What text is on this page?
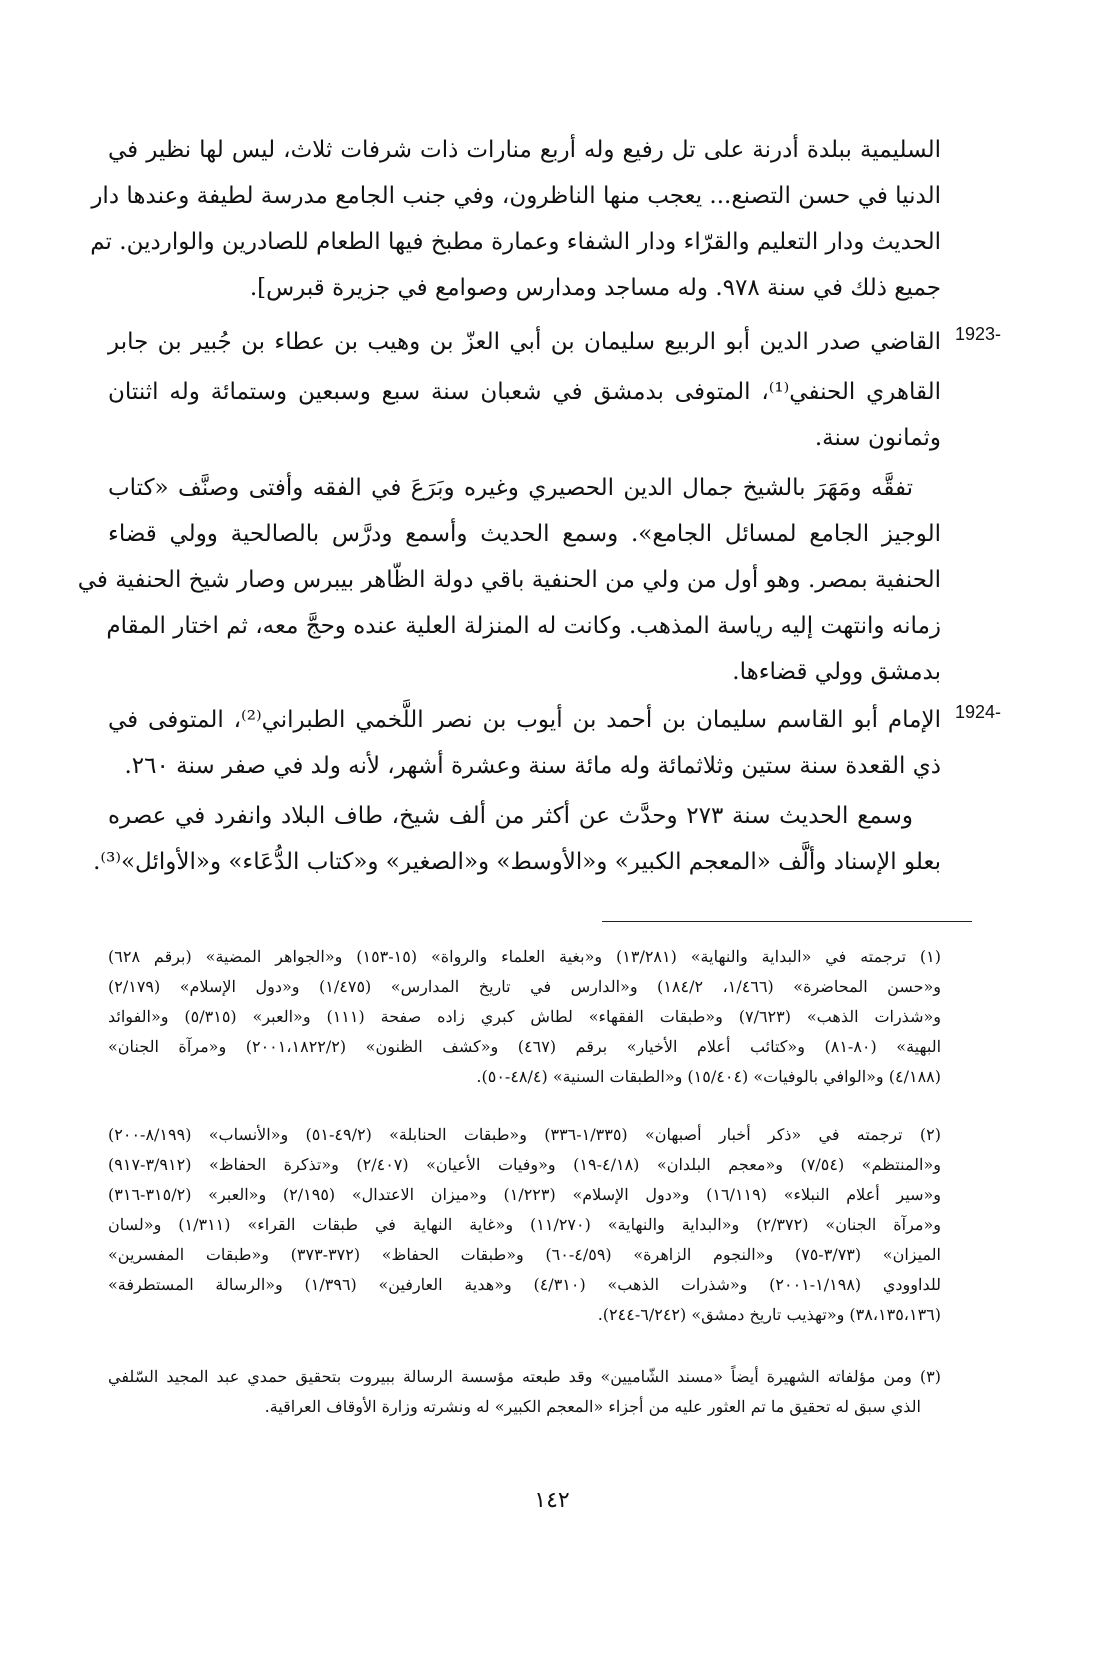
السليمية ببلدة أدرنة على تل رفيع وله أربع منارات ذات شرفات ثلاث، ليس لها نظير في
الدنيا في حسن التصنع... يعجب منها الناظرون، وفي جنب الجامع مدرسة لطيفة وعندها دار
الحديث ودار التعليم والقرّاء ودار الشفاء وعمارة مطبخ فيها الطعام للصادرين والواردين. تم
جميع ذلك في سنة ٩٧٨. وله مساجد ومدارس وصوامع في جزيرة قبرس].
1923-
القاضي صدر الدين أبو الربيع سليمان بن أبي العزّ بن وهيب بن عطاء بن جُبير بن جابر
القاهري الحنفي⁽¹⁾، المتوفى بدمشق في شعبان سنة سبع وسبعين وستمائة وله اثنتان
وثمانون سنة.
تفقَّه ومَهَرَ بالشيخ جمال الدين الحصيري وغيره وبَرَعَ في الفقه وأفتى وصنَّف «كتاب
الوجيز الجامع لمسائل الجامع». وسمع الحديث وأسمع ودرَّس بالصالحية وولي قضاء
الحنفية بمصر. وهو أول من ولي من الحنفية باقي دولة الظّاهر بيبرس وصار شيخ الحنفية في
زمانه وانتهت إليه رياسة المذهب. وكانت له المنزلة العلية عنده وحجَّ معه، ثم اختار المقام
بدمشق وولي قضاءها.
1924-
الإمام أبو القاسم سليمان بن أحمد بن أيوب بن نصر اللَّخمي الطبراني⁽²⁾، المتوفى في
ذي القعدة سنة ستين وثلاثمائة وله مائة سنة وعشرة أشهر، لأنه ولد في صفر سنة ٢٦٠.
وسمع الحديث سنة ٢٧٣ وحدَّث عن أكثر من ألف شيخ، طاف البلاد وانفرد في عصره
بعلو الإسناد وألَّف «المعجم الكبير» و«الأوسط» و«الصغير» و«كتاب الدُّعَاء» و«الأوائل»⁽³⁾.
(١) ترجمته في «البداية والنهاية» (١٣/٢٨١) و«بغية العلماء والرواة» (١٥-١٥٣) و«الجواهر المضية» (برقم ٦٢٨)
و«حسن المحاضرة» (١/٤٦٦، ١٨٤/٢) و«الدارس في تاريخ المدارس» (١/٤٧٥) و«دول الإسلام» (٢/١٧٩)
و«شذرات الذهب» (٧/٦٢٣) و«طبقات الفقهاء» لطاش كبري زاده صفحة (١١١) و«العبر» (٥/٣١٥) و«الفوائد
البهية» (٨٠-٨١) و«كتائب أعلام الأخيار» برقم (٤٦٧) و«كشف الظنون» (٢٠٠١،١٨٢٢/٢) و«مرآة الجنان»
(٤/١٨٨) و«الوافي بالوفيات» (١٥/٤٠٤) و«الطبقات السنية» (٤٨/٤-٥٠).
(٢) ترجمته في «ذكر أخبار أصبهان» (١/٣٣٥-٣٣٦) و«طبقات الحنابلة» (٤٩/٢-٥١) و«الأنساب» (٨/١٩٩-٢٠٠)
و«المنتظم» (٧/٥٤) و«معجم البلدان» (٤/١٨-١٩) و«وفيات الأعيان» (٢/٤٠٧) و«تذكرة الحفاظ» (٣/٩١٢-٩١٧)
و«سير أعلام النبلاء» (١٦/١١٩) و«دول الإسلام» (١/٢٢٣) و«ميزان الاعتدال» (٢/١٩٥) و«العبر» (٣١٥/٢-٣١٦)
و«مرآة الجنان» (٢/٣٧٢) و«البداية والنهاية» (١١/٢٧٠) و«غاية النهاية في طبقات القراء» (١/٣١١) و«لسان
الميزان» (٣/٧٣-٧٥) و«النجوم الزاهرة» (٤/٥٩-٦٠) و«طبقات الحفاظ» (٣٧٢-٣٧٣) و«طبقات المفسرين»
للداوودي (١/١٩٨-٢٠٠١) و«شذرات الذهب» (٤/٣١٠) و«هدية العارفين» (١/٣٩٦) و«الرسالة المستطرفة»
(٣٨،١٣٥،١٣٦) و«تهذيب تاريخ دمشق» (٦/٢٤٢-٢٤٤).
(٣) ومن مؤلفاته الشهيرة أيضاً «مسند الشّاميين» وقد طبعته مؤسسة الرسالة ببيروت بتحقيق حمدي عبد المجيد السّلفي
الذي سبق له تحقيق ما تم العثور عليه من أجزاء «المعجم الكبير» له ونشرته وزارة الأوقاف العراقية.
١٤٢
